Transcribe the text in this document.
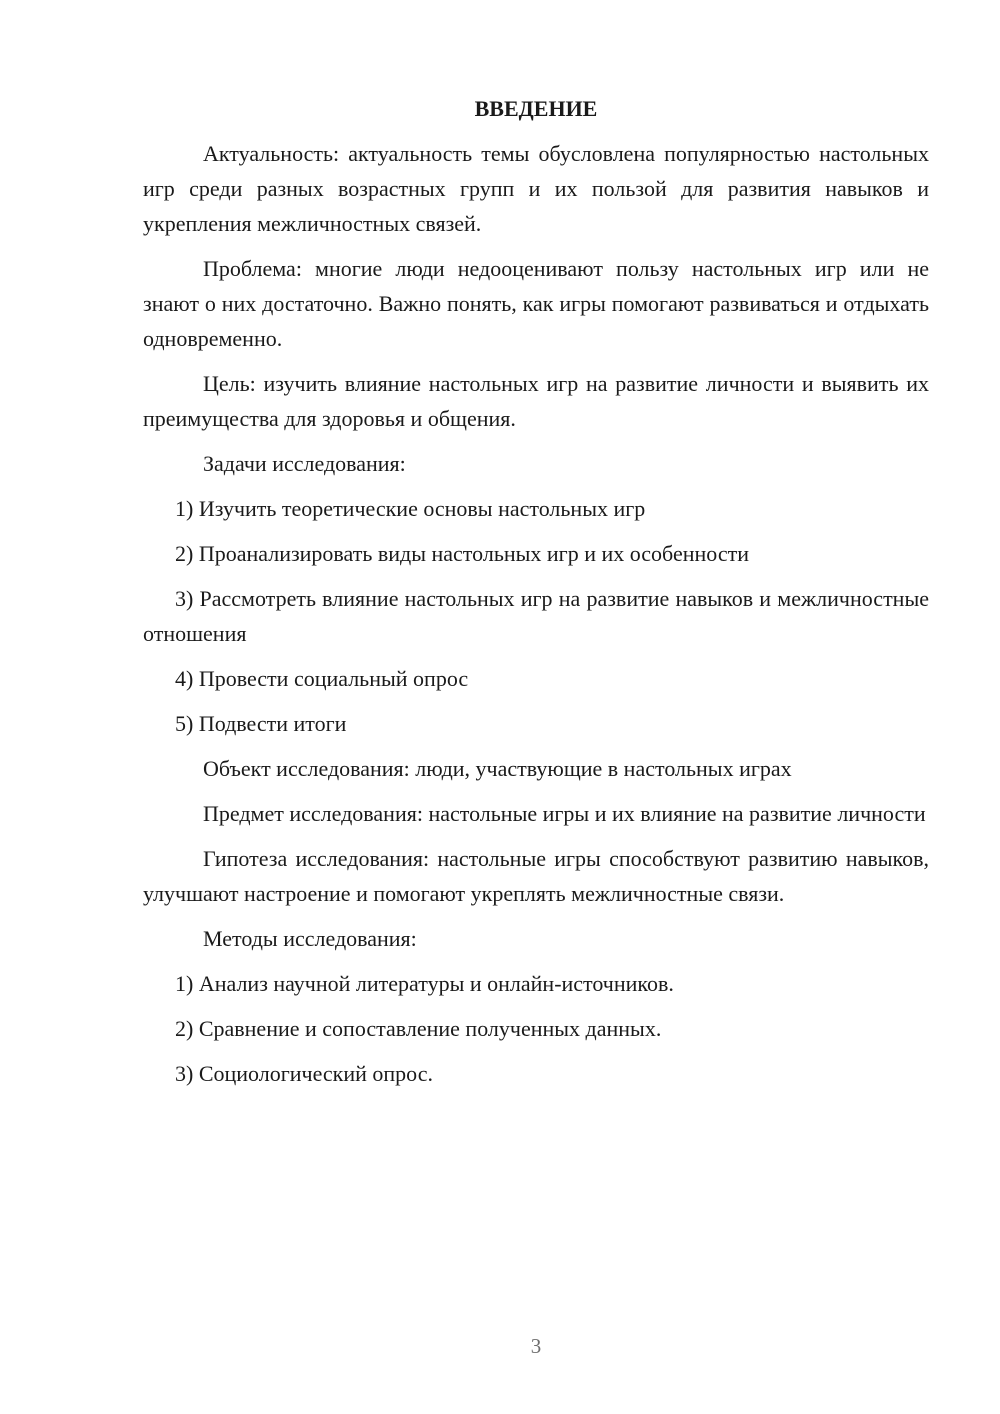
ВВЕДЕНИЕ

Актуальность: актуальность темы обусловлена популярностью настольных игр среди разных возрастных групп и их пользой для развития навыков и укрепления межличностных связей.

Проблема: многие люди недооценивают пользу настольных игр или не знают о них достаточно. Важно понять, как игры помогают развиваться и отдыхать одновременно.

Цель: изучить влияние настольных игр на развитие личности и выявить их преимущества для здоровья и общения.

Задачи исследования:

1) Изучить теоретические основы настольных игр

2) Проанализировать виды настольных игр и их особенности

3) Рассмотреть влияние настольных игр на развитие навыков и межличностные отношения

4) Провести социальный опрос

5) Подвести итоги

Объект исследования: люди, участвующие в настольных играх

Предмет исследования: настольные игры и их влияние на развитие личности

Гипотеза исследования: настольные игры способствуют развитию навыков, улучшают настроение и помогают укреплять межличностные связи.

Методы исследования:

1) Анализ научной литературы и онлайн-источников.

2) Сравнение и сопоставление полученных данных.

3) Социологический опрос.

3
